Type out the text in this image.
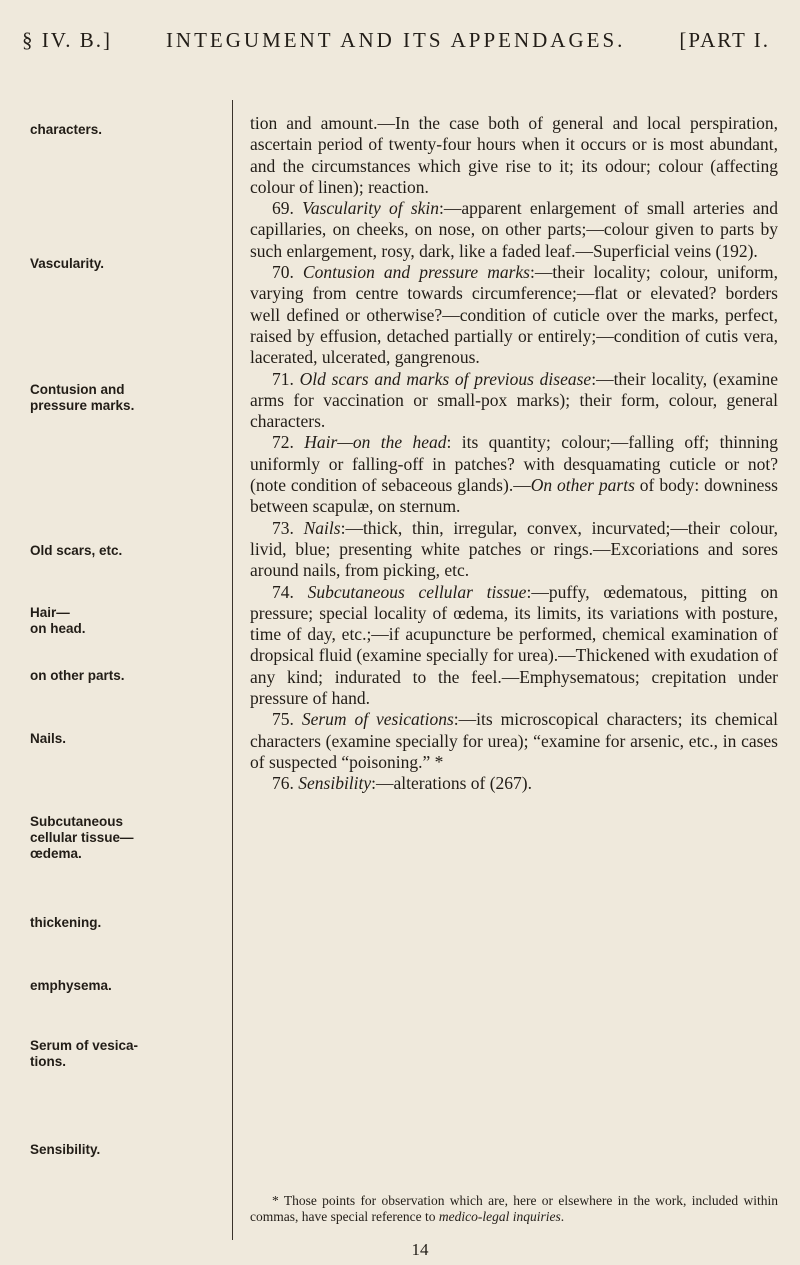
§ IV. B.]	INTEGUMENT AND ITS APPENDAGES.	[PART I.
characters.
Vascularity.
Contusion and
pressure marks.
Old scars, etc.
Hair—
on head.
on other parts.
Nails.
Subcutaneous
cellular tissue—
œdema.
thickening.
emphysema.
Serum of vesica-
tions.
Sensibility.

tion and amount.—In the case both of general and local perspiration, ascertain period of twenty-four hours when it occurs or is most abundant, and the circumstances which give rise to it; its odour; colour (affecting colour of linen); reaction.

69. Vascularity of skin:—apparent enlargement of small arteries and capillaries, on cheeks, on nose, on other parts;—colour given to parts by such enlargement, rosy, dark, like a faded leaf.—Superficial veins (192).

70. Contusion and pressure marks:—their locality; colour, uniform, varying from centre towards circumference;—flat or elevated? borders well defined or otherwise?—condition of cuticle over the marks, perfect, raised by effusion, detached partially or entirely;—condition of cutis vera, lacerated, ulcerated, gangrenous.

71. Old scars and marks of previous disease:—their locality, (examine arms for vaccination or small-pox marks); their form, colour, general characters.

72. Hair—on the head: its quantity; colour;—falling off; thinning uniformly or falling-off in patches? with desquamating cuticle or not? (note condition of sebaceous glands).—On other parts of body: downiness between scapulæ, on sternum.

73. Nails:—thick, thin, irregular, convex, incurvated;—their colour, livid, blue; presenting white patches or rings.—Excoriations and sores around nails, from picking, etc.

74. Subcutaneous cellular tissue:—puffy, œdematous, pitting on pressure; special locality of œdema, its limits, its variations with posture, time of day, etc.;—if acupuncture be performed, chemical examination of dropsical fluid (examine specially for urea).—Thickened with exudation of any kind; indurated to the feel.—Emphysematous; crepitation under pressure of hand.

75. Serum of vesications:—its microscopical characters; its chemical characters (examine specially for urea); “examine for arsenic, etc., in cases of suspected “poisoning.” *

76. Sensibility:—alterations of (267).

* Those points for observation which are, here or elsewhere in the work, included within commas, have special reference to medico-legal inquiries.

14
